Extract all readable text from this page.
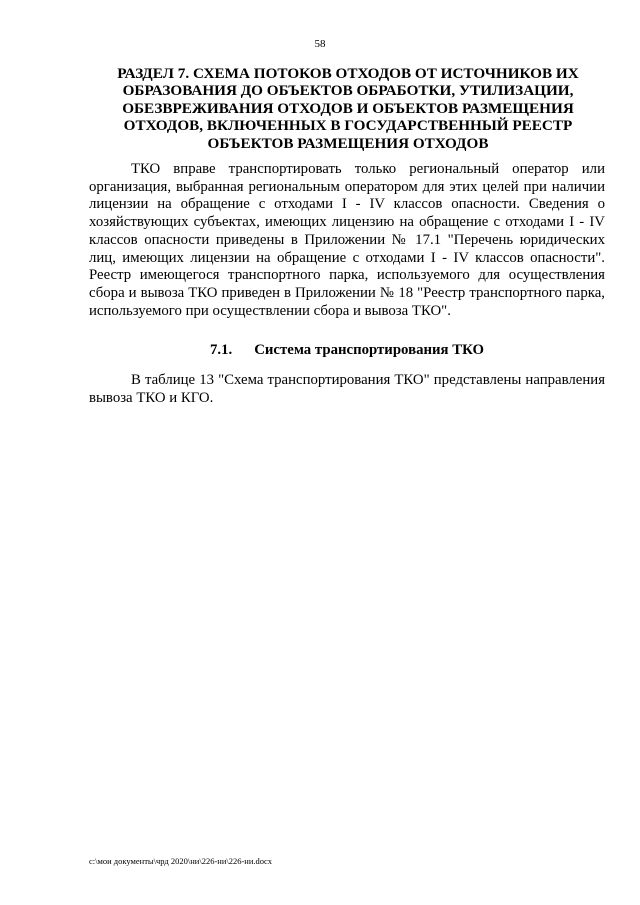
58
РАЗДЕЛ 7. СХЕМА ПОТОКОВ ОТХОДОВ ОТ ИСТОЧНИКОВ ИХ
ОБРАЗОВАНИЯ ДО ОБЪЕКТОВ ОБРАБОТКИ, УТИЛИЗАЦИИ,
ОБЕЗВРЕЖИВАНИЯ ОТХОДОВ И ОБЪЕКТОВ РАЗМЕЩЕНИЯ
ОТХОДОВ, ВКЛЮЧЕННЫХ В ГОСУДАРСТВЕННЫЙ РЕЕСТР
ОБЪЕКТОВ РАЗМЕЩЕНИЯ ОТХОДОВ

ТКО вправе транспортировать только региональный оператор или организация, выбранная региональным оператором для этих целей при наличии лицензии на обращение с отходами I - IV классов опасности. Сведения о хозяйствующих субъектах, имеющих лицензию на обращение с отходами I - IV классов опасности приведены в Приложении № 17.1 "Перечень юридических лиц, имеющих лицензии на обращение с отходами I - IV классов опасности". Реестр имеющегося транспортного парка, используемого для осуществления сбора и вывоза ТКО приведен в Приложении № 18 "Реестр транспортного парка, используемого при осуществлении сбора и вывоза ТКО".

7.1. Система транспортирования ТКО

В таблице 13 "Схема транспортирования ТКО" представлены направления вывоза ТКО и КГО.

c:\мои документы\чрд 2020\ни\226-ни\226-ни.docx
